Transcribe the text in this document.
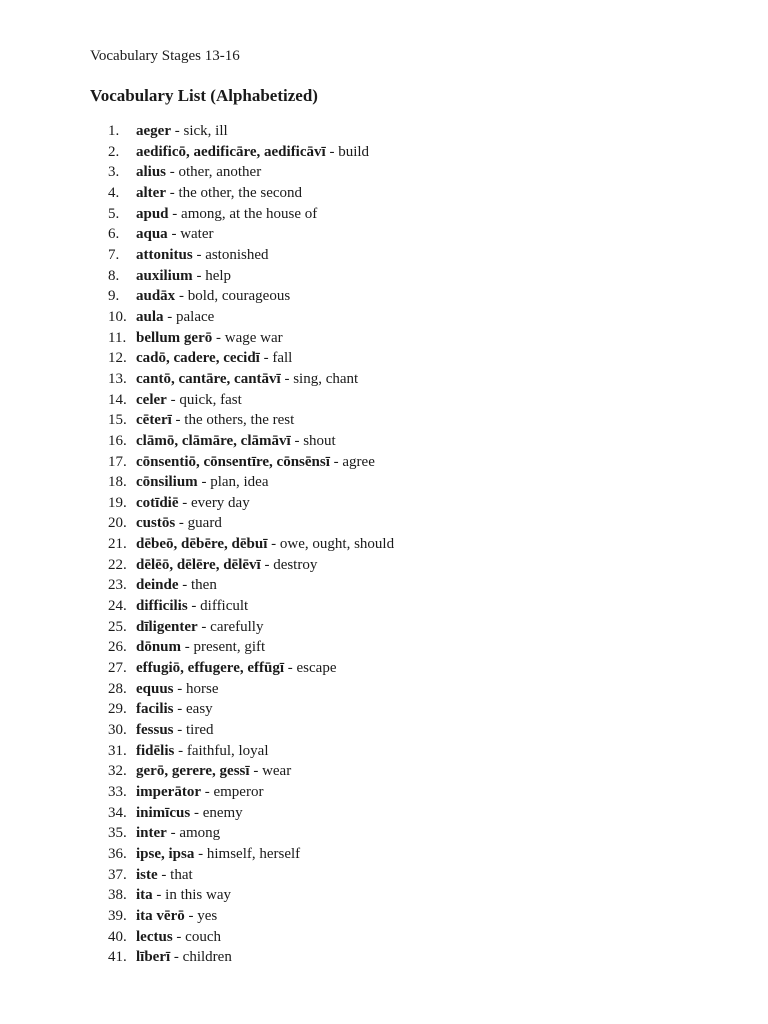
Vocabulary Stages 13-16
Vocabulary List (Alphabetized)
1. aeger - sick, ill
2. aedificō, aedificāre, aedificāvī - build
3. alius - other, another
4. alter - the other, the second
5. apud - among, at the house of
6. aqua - water
7. attonitus - astonished
8. auxilium - help
9. audāx - bold, courageous
10. aula - palace
11. bellum gerō - wage war
12. cadō, cadere, cecidī - fall
13. cantō, cantāre, cantāvī - sing, chant
14. celer - quick, fast
15. cēterī - the others, the rest
16. clāmō, clāmāre, clāmāvī - shout
17. cōnsentiō, cōnsentīre, cōnsēnsī - agree
18. cōnsilium - plan, idea
19. cotīdiē - every day
20. custōs - guard
21. dēbeō, dēbēre, dēbuī - owe, ought, should
22. dēlēō, dēlēre, dēlēvī - destroy
23. deinde - then
24. difficilis - difficult
25. dīligenter - carefully
26. dōnum - present, gift
27. effugiō, effugere, effūgī - escape
28. equus - horse
29. facilis - easy
30. fessus - tired
31. fidēlis - faithful, loyal
32. gerō, gerere, gessī - wear
33. imperātor - emperor
34. inimīcus - enemy
35. inter - among
36. ipse, ipsa - himself, herself
37. iste - that
38. ita - in this way
39. ita vērō - yes
40. lectus - couch
41. līberī - children
